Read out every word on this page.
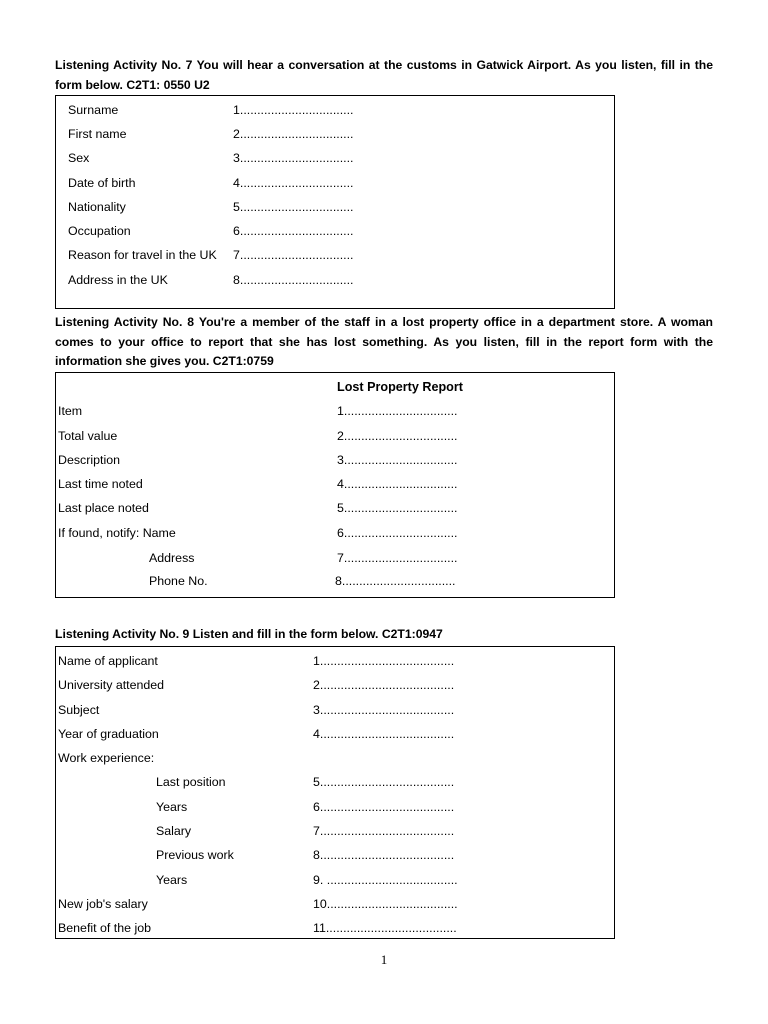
Listening Activity No. 7 You will hear a conversation at the customs in Gatwick Airport. As you listen, fill in the form below. C2T1: 0550 U2

Surname	1.................................
First name	2.................................
Sex	3.................................
Date of birth	4.................................
Nationality	5.................................
Occupation	6.................................
Reason for travel in the UK 7.................................
Address in the UK	8.................................

Listening Activity No. 8 You're a member of the staff in a lost property office in a department store. A woman comes to your office to report that she has lost something. As you listen, fill in the report form with the information she gives you. C2T1:0759

Lost Property Report
Item	1.................................
Total value	2.................................
Description	3.................................
Last time noted	4.................................
Last place noted	5.................................
If found, notify: Name	6.................................
Address	7.................................
Phone No.	8.................................

Listening Activity No. 9 Listen and fill in the form below. C2T1:0947

Name of applicant	1.......................................
University attended	2.......................................
Subject	3.......................................
Year of graduation	4.......................................
Work experience:
Last position	5.......................................
Years	6.......................................
Salary	7.......................................
Previous work	8.......................................
Years	9. ......................................
New job's salary	10......................................
Benefit of the job	11......................................
1
